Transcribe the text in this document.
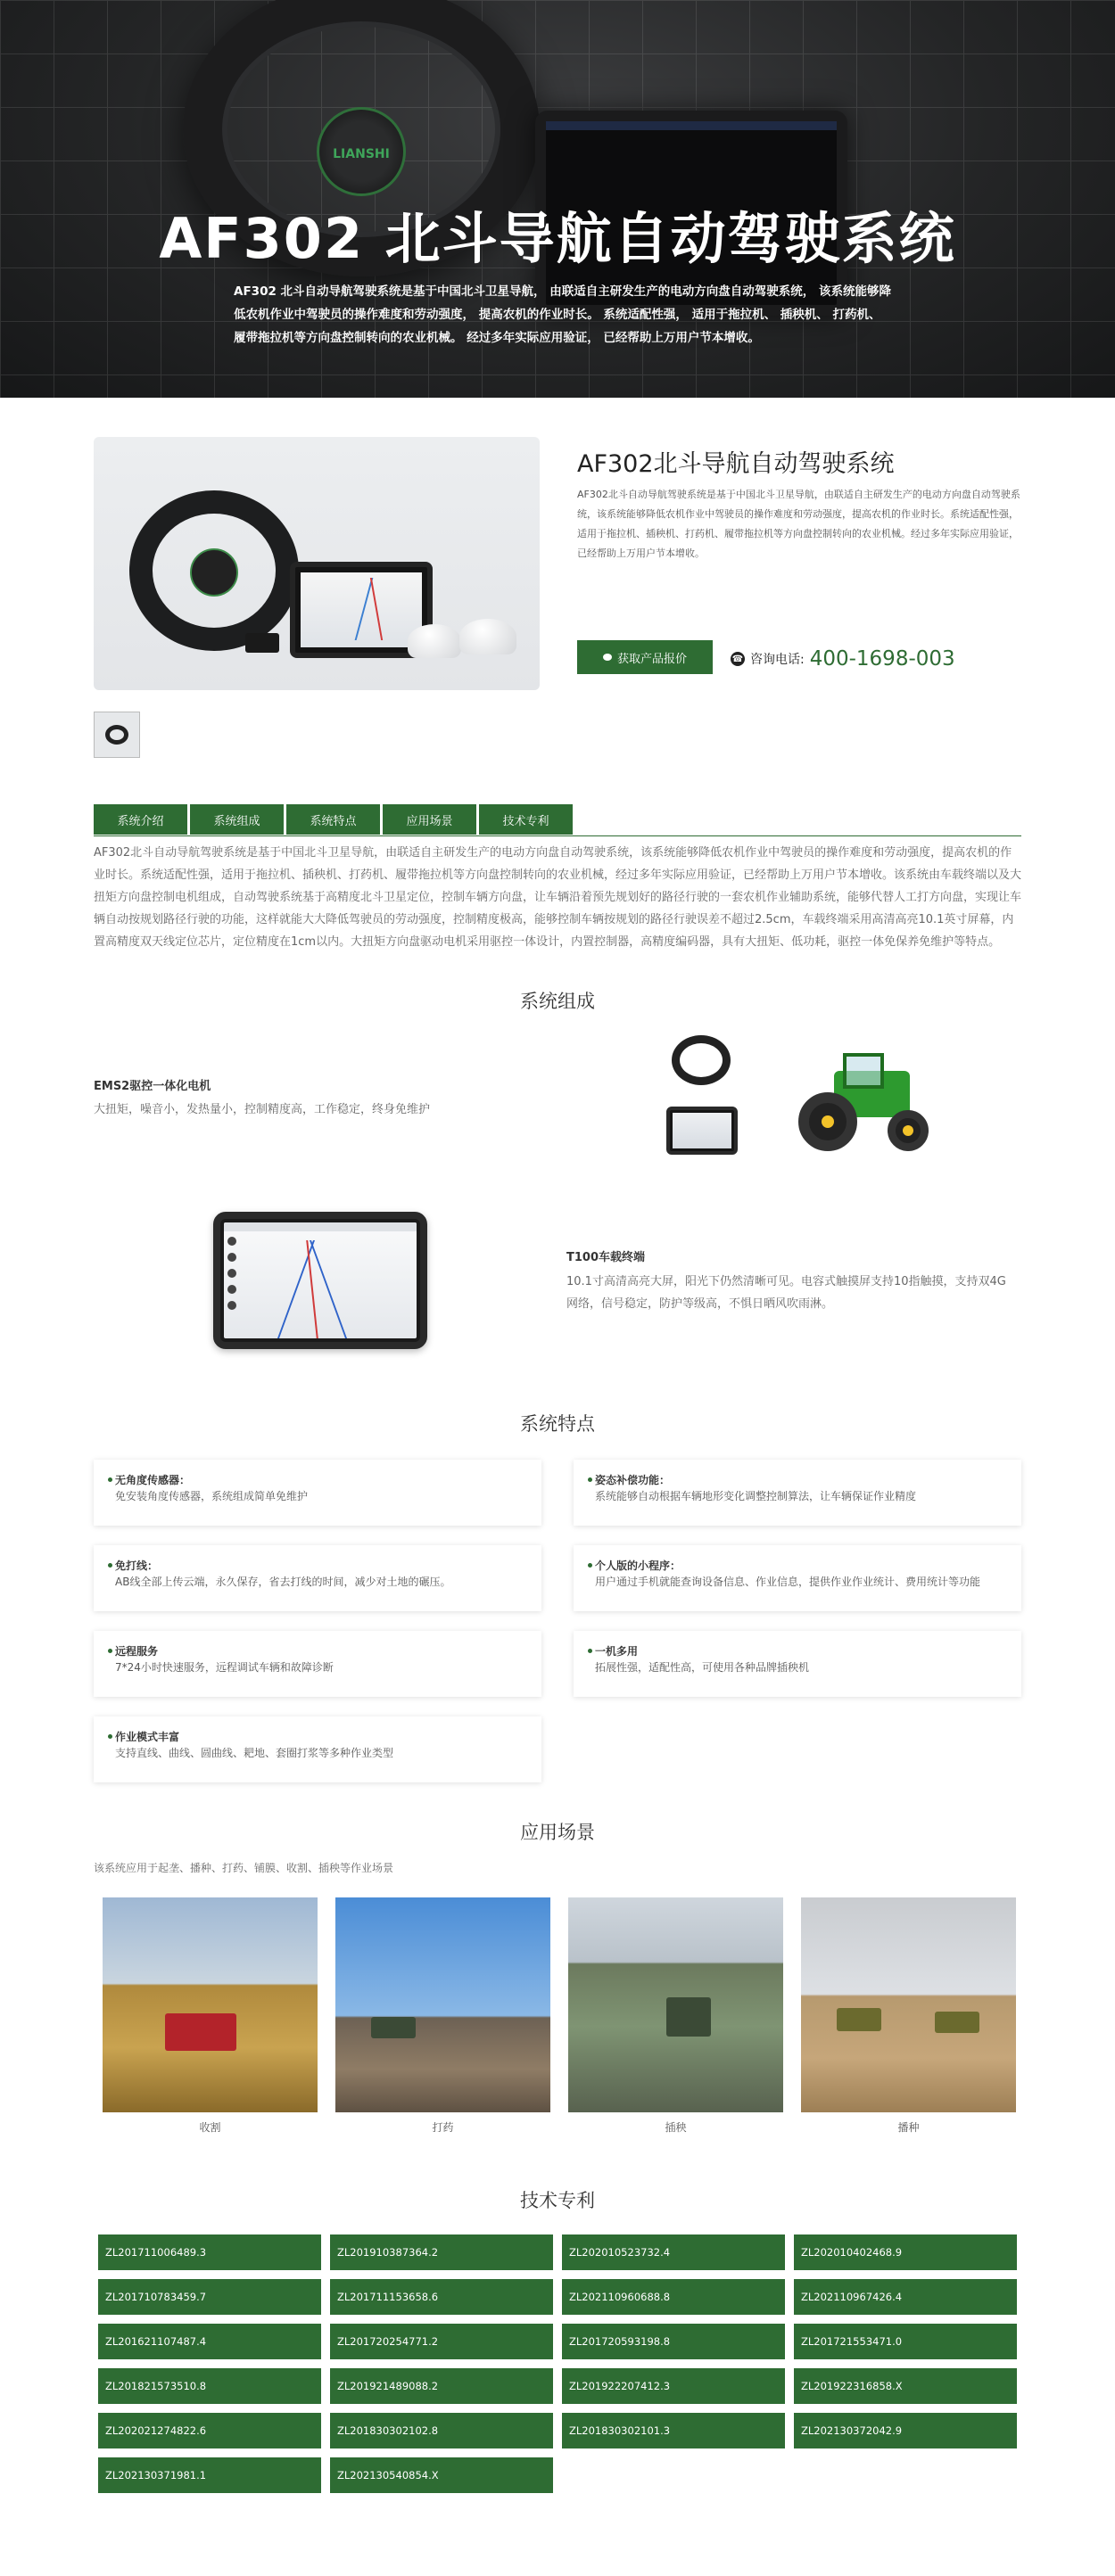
LIANSHI
AF302 北斗导航自动驾驶系统

AF302 北斗自动导航驾驶系统是基于中国北斗卫星导航， 由联适自主研发生产的电动方向盘自动驾驶系统， 该系统能够降低农机作业中驾驶员的操作难度和劳动强度， 提高农机的作业时长。 系统适配性强， 适用于拖拉机、 插秧机、 打药机、 履带拖拉机等方向盘控制转向的农业机械。 经过多年实际应用验证， 已经帮助上万用户节本增收。

AF302北斗导航自动驾驶系统

AF302北斗自动导航驾驶系统是基于中国北斗卫星导航，由联适自主研发生产的电动方向盘自动驾驶系统，该系统能够降低农机作业中驾驶员的操作难度和劳动强度，提高农机的作业时长。系统适配性强，适用于拖拉机、插秧机、打药机、履带拖拉机等方向盘控制转向的农业机械。经过多年实际应用验证，已经帮助上万用户节本增收。

获取产品报价	☎ 咨询电话: 400-1698-003
系统介绍	系统组成	系统特点	应用场景	技术专利

AF302北斗自动导航驾驶系统是基于中国北斗卫星导航，由联适自主研发生产的电动方向盘自动驾驶系统，该系统能够降低农机作业中驾驶员的操作难度和劳动强度，提高农机的作业时长。系统适配性强，适用于拖拉机、插秧机、打药机、履带拖拉机等方向盘控制转向的农业机械，经过多年实际应用验证，已经帮助上万用户节本增收。该系统由车载终端以及大扭矩方向盘控制电机组成，自动驾驶系统基于高精度北斗卫星定位，控制车辆方向盘，让车辆沿着预先规划好的路径行驶的一套农机作业辅助系统，能够代替人工打方向盘，实现让车辆自动按规划路径行驶的功能，这样就能大大降低驾驶员的劳动强度，控制精度极高，能够控制车辆按规划的路径行驶误差不超过2.5cm，车载终端采用高清高亮10.1英寸屏幕，内置高精度双天线定位芯片，定位精度在1cm以内。大扭矩方向盘驱动电机采用驱控一体设计，内置控制器，高精度编码器，具有大扭矩、低功耗，驱控一体免保养免维护等特点。

系统组成
EMS2驱控一体化电机
大扭矩，噪音小，发热量小，控制精度高，工作稳定，终身免维护
T100车载终端
10.1寸高清高亮大屏，阳光下仍然清晰可见。电容式触摸屏支持10指触摸，支持双4G网络，信号稳定，防护等级高，不惧日晒风吹雨淋。
系统特点
无角度传感器：
免安装角度传感器，系统组成简单免维护
姿态补偿功能：
系统能够自动根据车辆地形变化调整控制算法，让车辆保证作业精度
免打线：
AB线全部上传云端，永久保存，省去打线的时间，减少对土地的碾压。
个人版的小程序：
用户通过手机就能查询设备信息、作业信息，提供作业作业统计、费用统计等功能
远程服务
7*24小时快速服务，远程调试车辆和故障诊断
一机多用
拓展性强，适配性高，可使用各种品牌插秧机
作业模式丰富
支持直线、曲线、圆曲线、耙地、套圈打浆等多种作业类型
应用场景

该系统应用于起垄、播种、打药、铺膜、收割、插秧等作业场景

收割	打药	插秧	播种
技术专利
ZL201711006489.3	ZL201910387364.2	ZL202010523732.4	ZL202010402468.9
ZL201710783459.7	ZL201711153658.6	ZL202110960688.8	ZL202110967426.4
ZL201621107487.4	ZL201720254771.2	ZL201720593198.8	ZL201721553471.0
ZL201821573510.8	ZL201921489088.2	ZL201922207412.3	ZL201922316858.X
ZL202021274822.6	ZL201830302102.8	ZL201830302101.3	ZL202130372042.9
ZL202130371981.1	ZL202130540854.X
